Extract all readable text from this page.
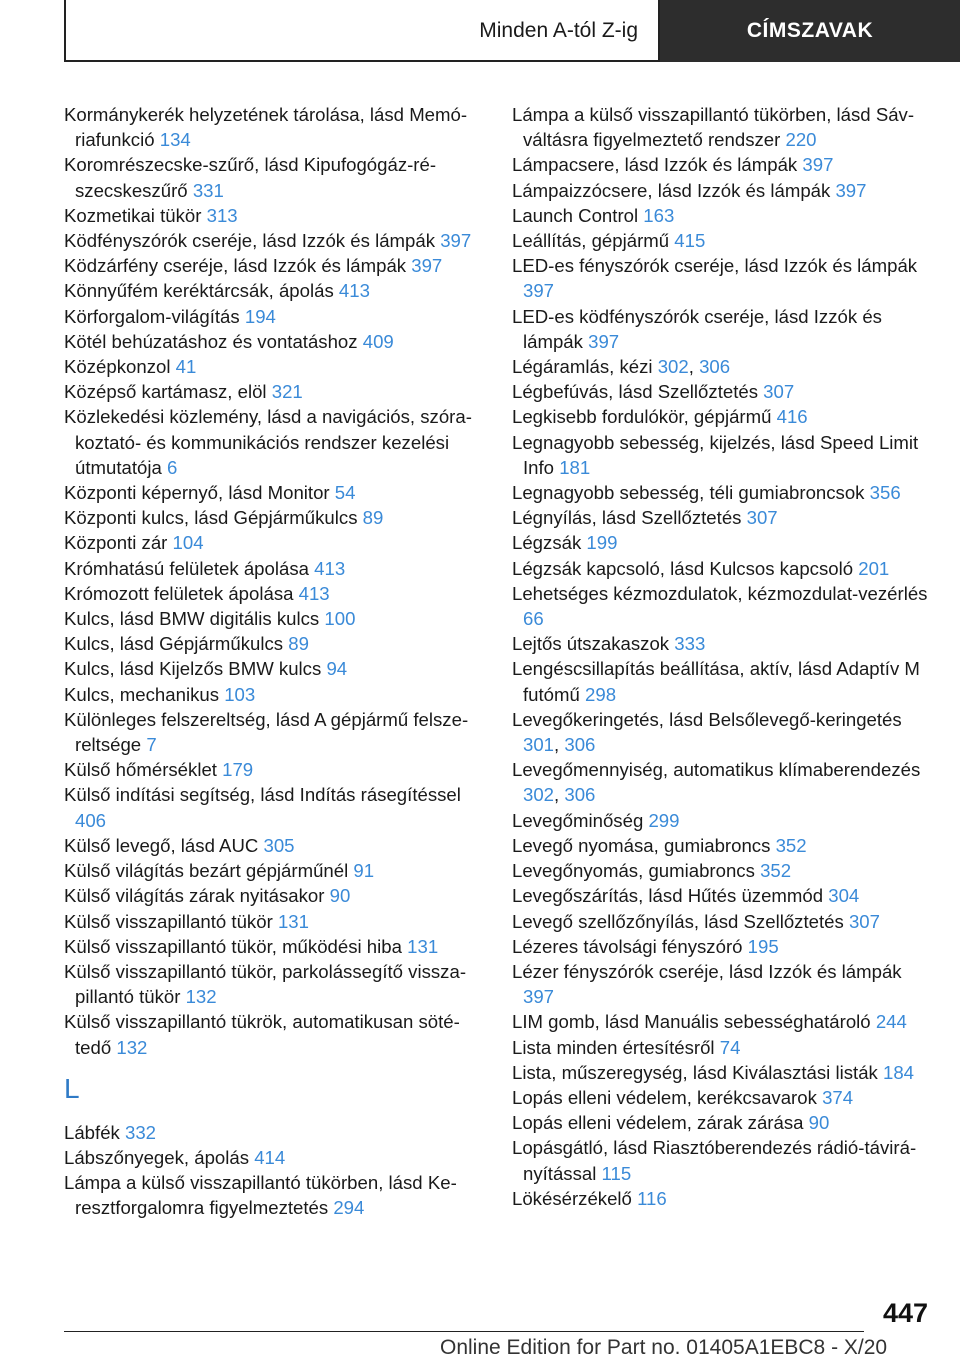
Minden A-tól Z-ig	CÍMSZAVAK
Kormánykerék helyzetének tárolása, lásd Memóriafunkció 134
Koromrészecske-szűrő, lásd Kipufogógáz-részecskeszűrő 331
Kozmetikai tükör 313
Ködfényszórók cseréje, lásd Izzók és lámpák 397
Ködzárfény cseréje, lásd Izzók és lámpák 397
Könnyűfém keréktárcsák, ápolás 413
Körforgalom-világítás 194
Kötél behúzatáshoz és vontatáshoz 409
Középkonzol 41
Középső kartámasz, elöl 321
Közlekedési közlemény, lásd a navigációs, szórakoztató- és kommunikációs rendszer kezelési útmutatója 6
Központi képernyő, lásd Monitor 54
Központi kulcs, lásd Gépjárműkulcs 89
Központi zár 104
Krómhatású felületek ápolása 413
Krómozott felületek ápolása 413
Kulcs, lásd BMW digitális kulcs 100
Kulcs, lásd Gépjárműkulcs 89
Kulcs, lásd Kijelzős BMW kulcs 94
Kulcs, mechanikus 103
Különleges felszereltség, lásd A gépjármű felszereltsége 7
Külső hőmérséklet 179
Külső indítási segítség, lásd Indítás rásegítéssel 406
Külső levegő, lásd AUC 305
Külső világítás bezárt gépjárműnél 91
Külső világítás zárak nyitásakor 90
Külső visszapillantó tükör 131
Külső visszapillantó tükör, működési hiba 131
Külső visszapillantó tükör, parkolássegítő visszapillantó tükör 132
Külső visszapillantó tükrök, automatikusan sötétedő 132
L
Lábfék 332
Lábszőnyegek, ápolás 414
Lámpa a külső visszapillantó tükörben, lásd Keresztforgalomra figyelmeztetés 294
Lámpa a külső visszapillantó tükörben, lásd Sávváltásra figyelmeztető rendszer 220
Lámpacsere, lásd Izzók és lámpák 397
Lámpaizzócsere, lásd Izzók és lámpák 397
Launch Control 163
Leállítás, gépjármű 415
LED-es fényszórók cseréje, lásd Izzók és lámpák 397
LED-es ködfényszórók cseréje, lásd Izzók és lámpák 397
Légáramlás, kézi 302, 306
Légbefúvás, lásd Szellőztetés 307
Legkisebb fordulókör, gépjármű 416
Legnagyobb sebesség, kijelzés, lásd Speed Limit Info 181
Legnagyobb sebesség, téli gumiabroncsok 356
Légnyílás, lásd Szellőztetés 307
Légzsák 199
Légzsák kapcsoló, lásd Kulcsos kapcsoló 201
Lehetséges kézmozdulatok, kézmozdulat-vezérlés 66
Lejtős útszakaszok 333
Lengéscsillapítás beállítása, aktív, lásd Adaptív M futómű 298
Levegőkeringetés, lásd Belsőlevegő-keringetés 301, 306
Levegőmennyiség, automatikus klímaberendezés 302, 306
Levegőminőség 299
Levegő nyomása, gumiabroncs 352
Levegőnyomás, gumiabroncs 352
Levegőszárítás, lásd Hűtés üzemmód 304
Levegő szellőzőnyílás, lásd Szellőztetés 307
Lézeres távolsági fényszóró 195
Lézer fényszórók cseréje, lásd Izzók és lámpák 397
LIM gomb, lásd Manuális sebességhatároló 244
Lista minden értesítésről 74
Lista, műszeregység, lásd Kiválasztási listák 184
Lopás elleni védelem, kerékcsavarok 374
Lopás elleni védelem, zárak zárása 90
Lopásgátló, lásd Riasztóberendezés rádió-távirányítással 115
Lökésérzékelő 116
447
Online Edition for Part no. 01405A1EBC8 - X/20
